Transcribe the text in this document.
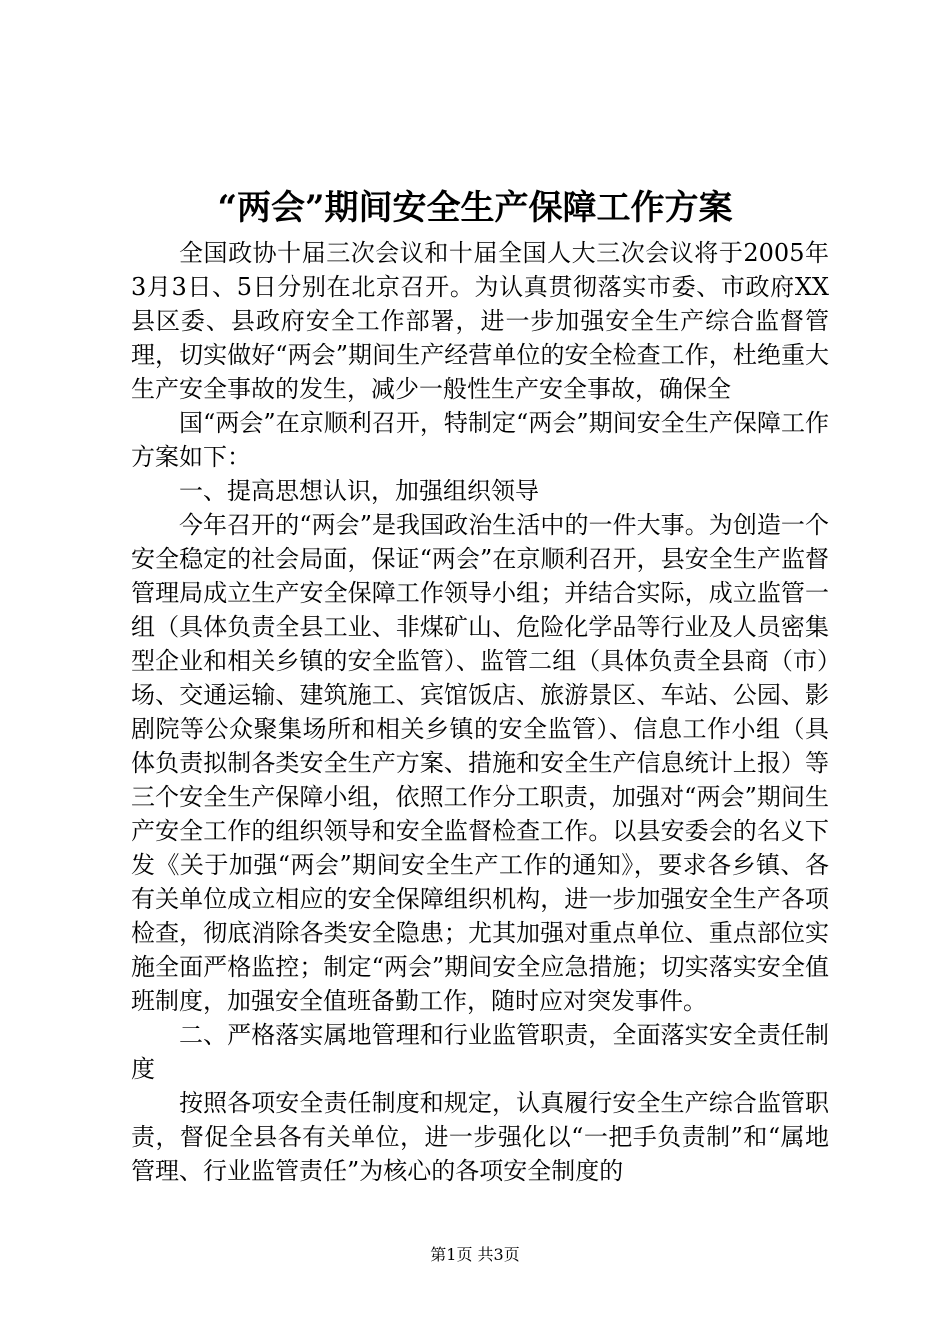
“两会”期间安全生产保障工作方案

全国政协十届三次会议和十届全国人大三次会议将于2005年3月3日、5日分别在北京召开。为认真贯彻落实市委、市政府XX县区委、县政府安全工作部署，进一步加强安全生产综合监督管理，切实做好“两会”期间生产经营单位的安全检查工作，杜绝重大生产安全事故的发生，减少一般性生产安全事故，确保全

国“两会”在京顺利召开，特制定“两会”期间安全生产保障工作方案如下：

一、提高思想认识，加强组织领导

今年召开的“两会”是我国政治生活中的一件大事。为创造一个安全稳定的社会局面，保证“两会”在京顺利召开，县安全生产监督管理局成立生产安全保障工作领导小组；并结合实际，成立监管一组（具体负责全县工业、非煤矿山、危险化学品等行业及人员密集型企业和相关乡镇的安全监管）、监管二组（具体负责全县商（市）场、交通运输、建筑施工、宾馆饭店、旅游景区、车站、公园、影剧院等公众聚集场所和相关乡镇的安全监管）、信息工作小组（具体负责拟制各类安全生产方案、措施和安全生产信息统计上报）等三个安全生产保障小组，依照工作分工职责，加强对“两会”期间生产安全工作的组织领导和安全监督检查工作。以县安委会的名义下发《关于加强“两会”期间安全生产工作的通知》，要求各乡镇、各有关单位成立相应的安全保障组织机构，进一步加强安全生产各项检查，彻底消除各类安全隐患；尤其加强对重点单位、重点部位实施全面严格监控；制定“两会”期间安全应急措施；切实落实安全值班制度，加强安全值班备勤工作，随时应对突发事件。

二、严格落实属地管理和行业监管职责，全面落实安全责任制度

按照各项安全责任制度和规定，认真履行安全生产综合监管职责，督促全县各有关单位，进一步强化以“一把手负责制”和“属地管理、行业监管责任”为核心的各项安全制度的

第1页 共3页
